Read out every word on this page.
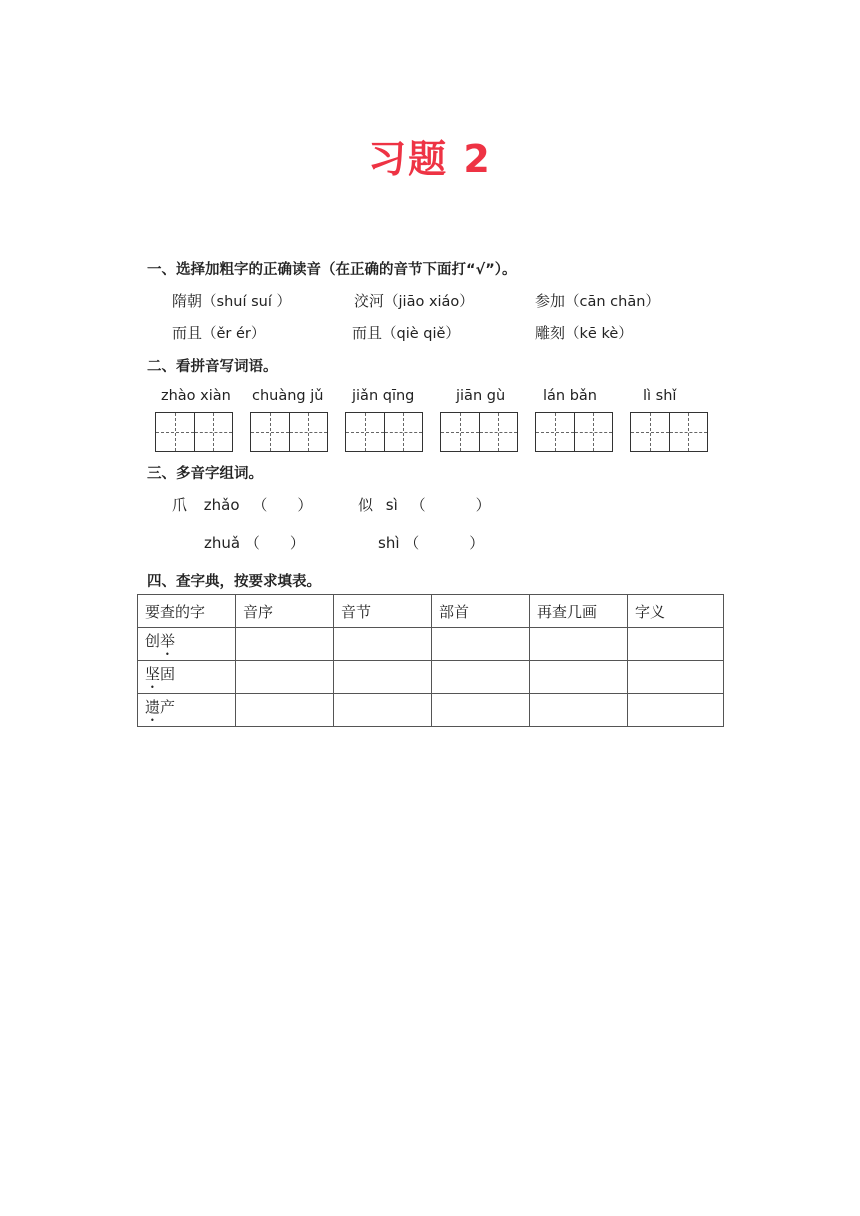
习题 2
一、选择加粗字的正确读音（在正确的音节下面打“√”）。
隋朝（shuí suí ）	洨河（jiāo xiáo）	参加（cān chān）
而且（ěr ér）	而且（qiè qiě）	雕刻（kē kè）
二、看拼音写词语。
zhào xiàn chuàng jǔ jiǎn qīng	jiān gù	lán bǎn	lì shǐ
三、多音字组词。
爪 zhǎo （ ）	似 sì （	）
zhuǎ （ ）	shì （	）
四、查字典，按要求填表。
要查的字	音序	音节	部首	再查几画	字义
创举					
坚固					
遗产					
